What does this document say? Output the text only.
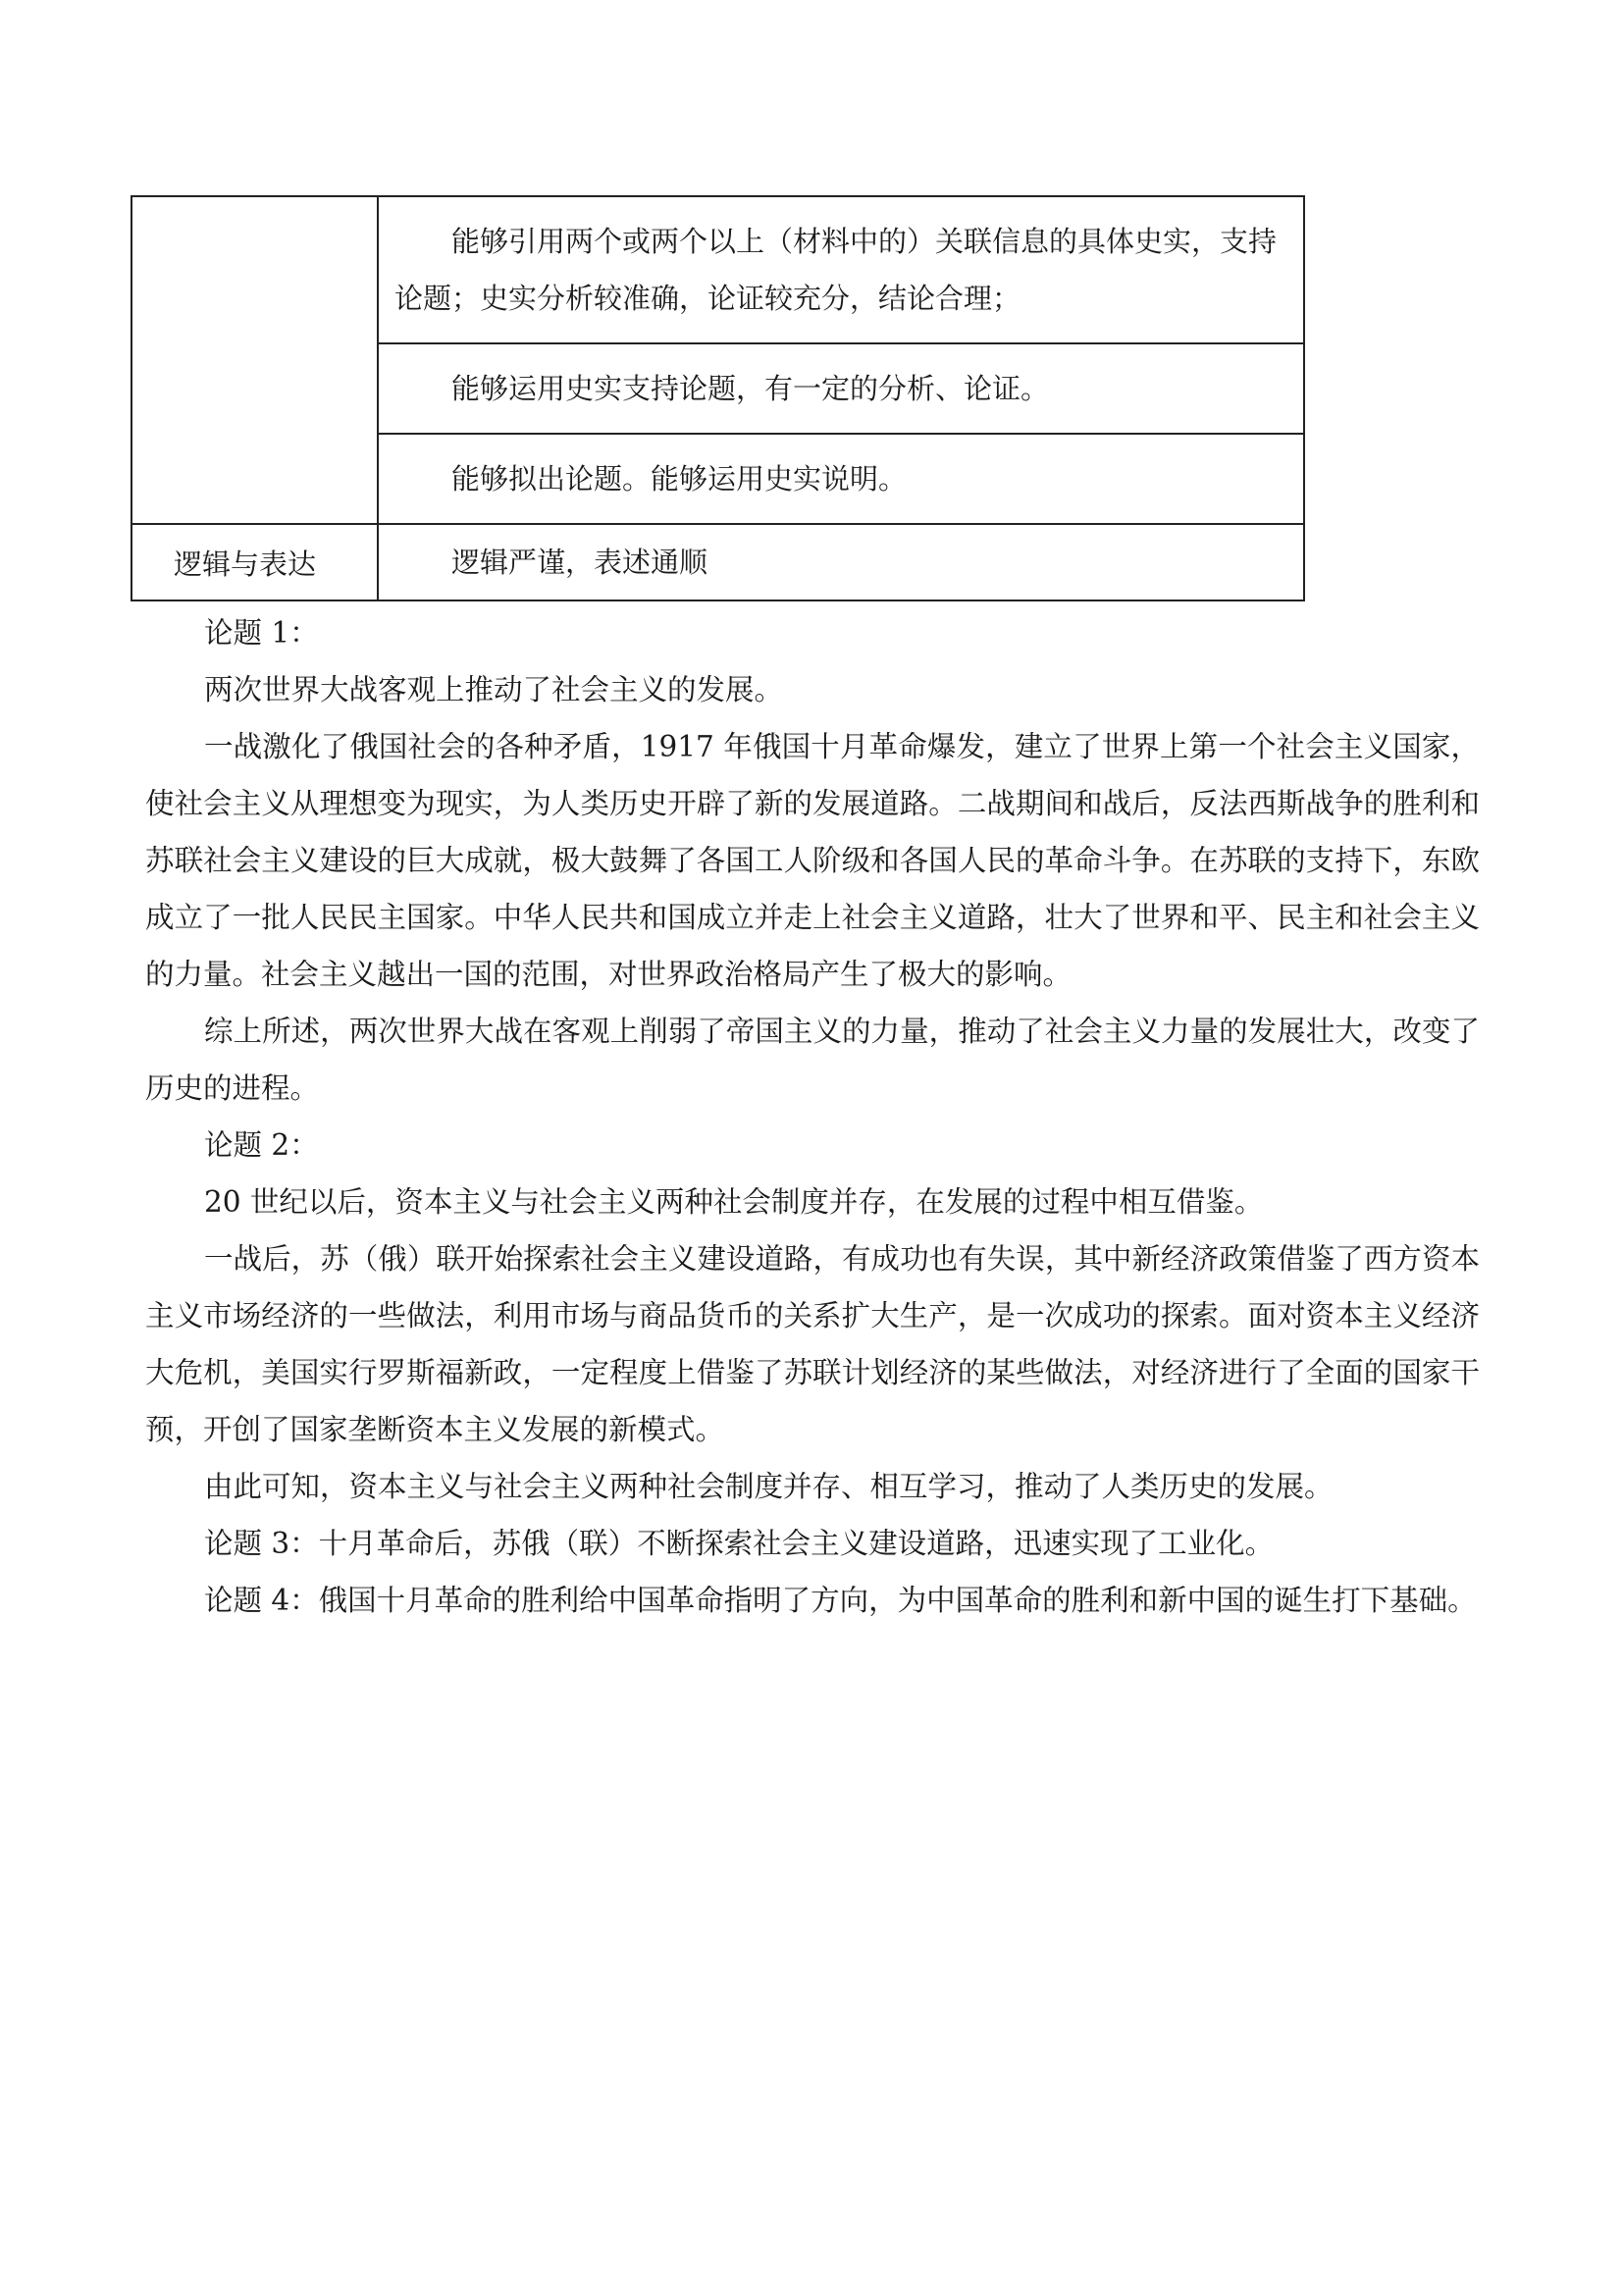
	能够引用两个或两个以上（材料中的）关联信息的具体史实，支持论题；史实分析较准确，论证较充分，结论合理；

	能够运用史实支持论题，有一定的分析、论证。

	能够拟出论题。能够运用史实说明。

逻辑与表达	逻辑严谨，表述通顺

论题 1：

两次世界大战客观上推动了社会主义的发展。

一战激化了俄国社会的各种矛盾，1917 年俄国十月革命爆发，建立了世界上第一个社会主义国家，使社会主义从理想变为现实，为人类历史开辟了新的发展道路。二战期间和战后，反法西斯战争的胜利和苏联社会主义建设的巨大成就，极大鼓舞了各国工人阶级和各国人民的革命斗争。在苏联的支持下，东欧成立了一批人民民主国家。中华人民共和国成立并走上社会主义道路，壮大了世界和平、民主和社会主义的力量。社会主义越出一国的范围，对世界政治格局产生了极大的影响。

综上所述，两次世界大战在客观上削弱了帝国主义的力量，推动了社会主义力量的发展壮大，改变了历史的进程。

论题 2：

20 世纪以后，资本主义与社会主义两种社会制度并存，在发展的过程中相互借鉴。

一战后，苏（俄）联开始探索社会主义建设道路，有成功也有失误，其中新经济政策借鉴了西方资本主义市场经济的一些做法，利用市场与商品货币的关系扩大生产，是一次成功的探索。面对资本主义经济大危机，美国实行罗斯福新政，一定程度上借鉴了苏联计划经济的某些做法，对经济进行了全面的国家干预，开创了国家垄断资本主义发展的新模式。

由此可知，资本主义与社会主义两种社会制度并存、相互学习，推动了人类历史的发展。

论题 3：十月革命后，苏俄（联）不断探索社会主义建设道路，迅速实现了工业化。

论题 4：俄国十月革命的胜利给中国革命指明了方向，为中国革命的胜利和新中国的诞生打下基础。
